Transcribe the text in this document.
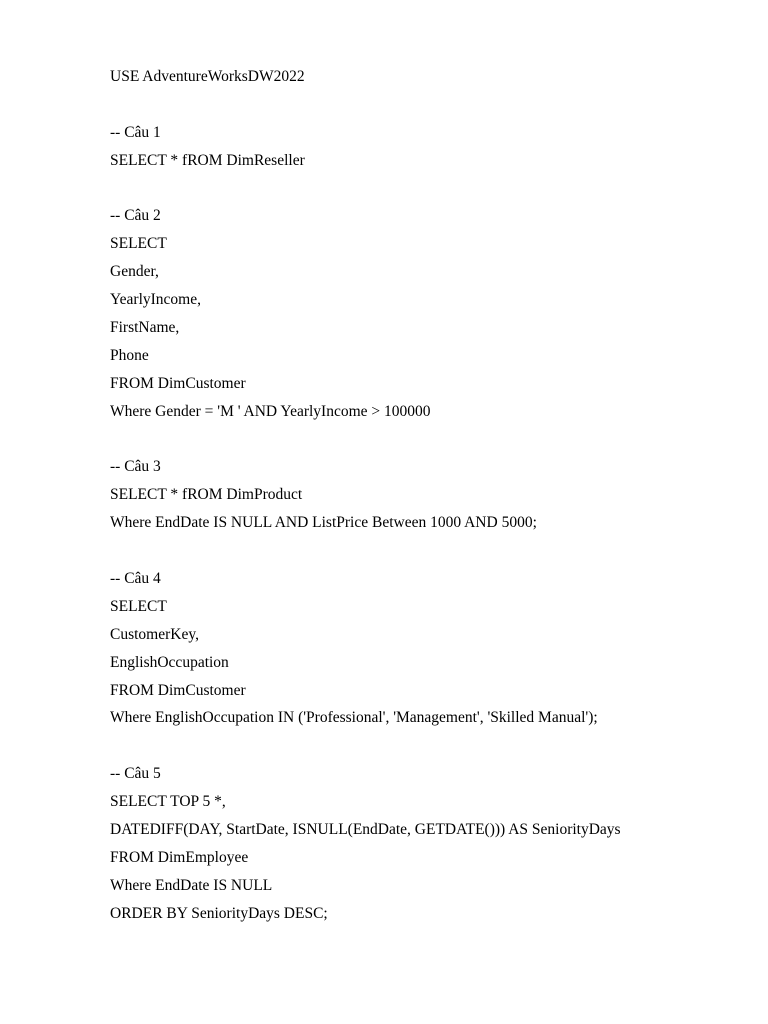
USE AdventureWorksDW2022
-- Câu 1
SELECT * fROM DimReseller
-- Câu 2
SELECT
Gender,
YearlyIncome,
FirstName,
Phone
FROM DimCustomer
Where Gender = 'M ' AND YearlyIncome > 100000
-- Câu 3
SELECT * fROM DimProduct
Where EndDate IS NULL AND ListPrice Between 1000 AND 5000;
-- Câu 4
SELECT
CustomerKey,
EnglishOccupation
FROM DimCustomer
Where EnglishOccupation IN ('Professional', 'Management', 'Skilled Manual');
-- Câu 5
SELECT TOP 5 *,
DATEDIFF(DAY, StartDate, ISNULL(EndDate, GETDATE())) AS SeniorityDays
FROM DimEmployee
Where EndDate IS NULL
ORDER BY SeniorityDays DESC;
